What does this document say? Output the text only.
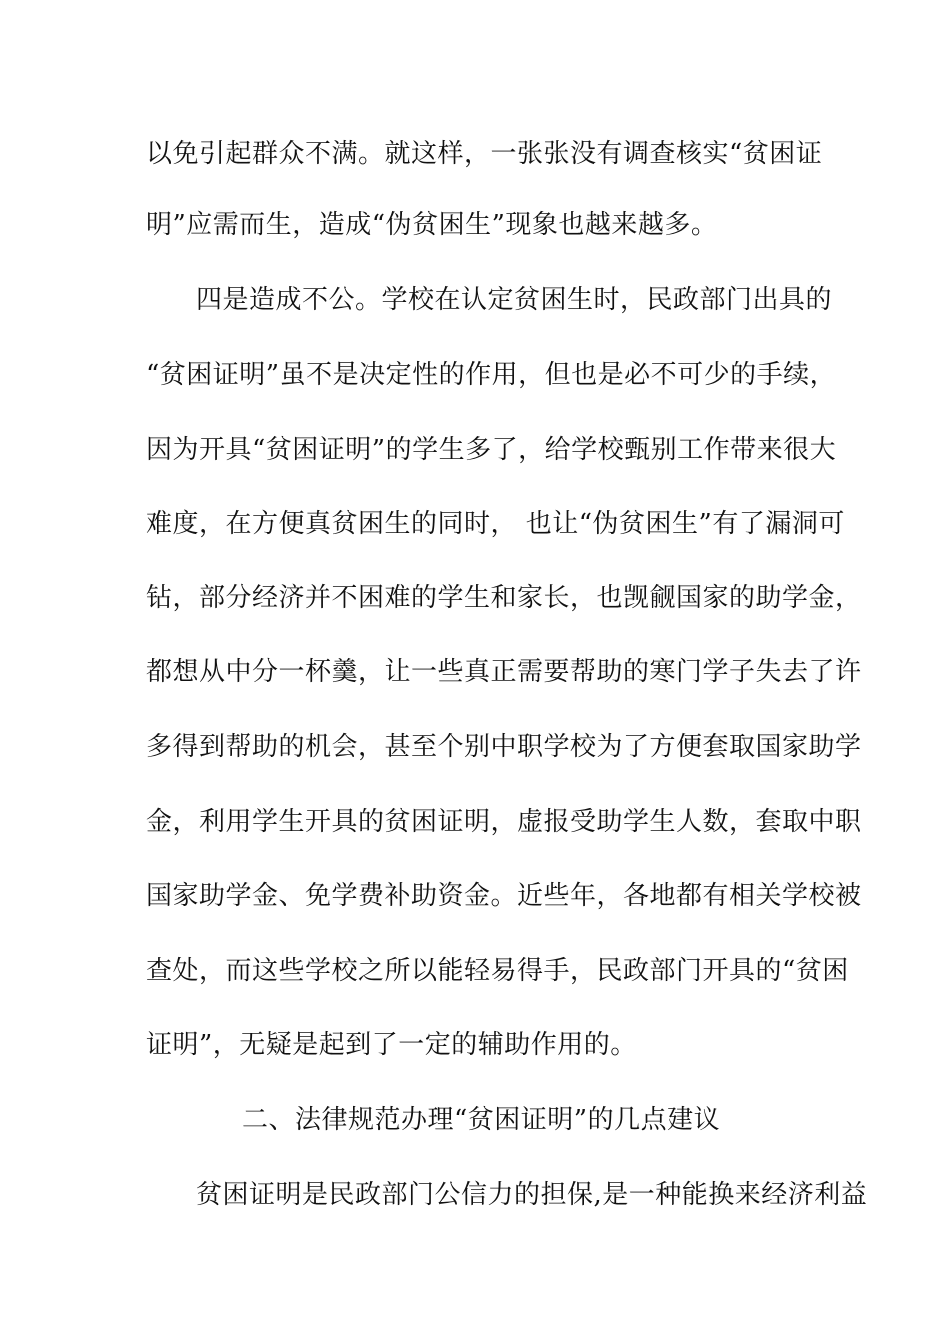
以免引起群众不满。就这样，一张张没有调查核实“贫困证
明”应需而生，造成“伪贫困生”现象也越来越多。
四是造成不公。学校在认定贫困生时，民政部门出具的
“贫困证明”虽不是决定性的作用，但也是必不可少的手续，
因为开具“贫困证明”的学生多了，给学校甄别工作带来很大
难度，在方便真贫困生的同时， 也让“伪贫困生”有了漏洞可
钻，部分经济并不困难的学生和家长，也觊觎国家的助学金，
都想从中分一杯羹，让一些真正需要帮助的寒门学子失去了许
多得到帮助的机会，甚至个别中职学校为了方便套取国家助学
金，利用学生开具的贫困证明，虚报受助学生人数，套取中职
国家助学金、免学费补助资金。近些年，各地都有相关学校被
查处，而这些学校之所以能轻易得手，民政部门开具的“贫困
证明”，无疑是起到了一定的辅助作用的。
二、法律规范办理“贫困证明”的几点建议
贫困证明是民政部门公信力的担保,是一种能换来经济利益
